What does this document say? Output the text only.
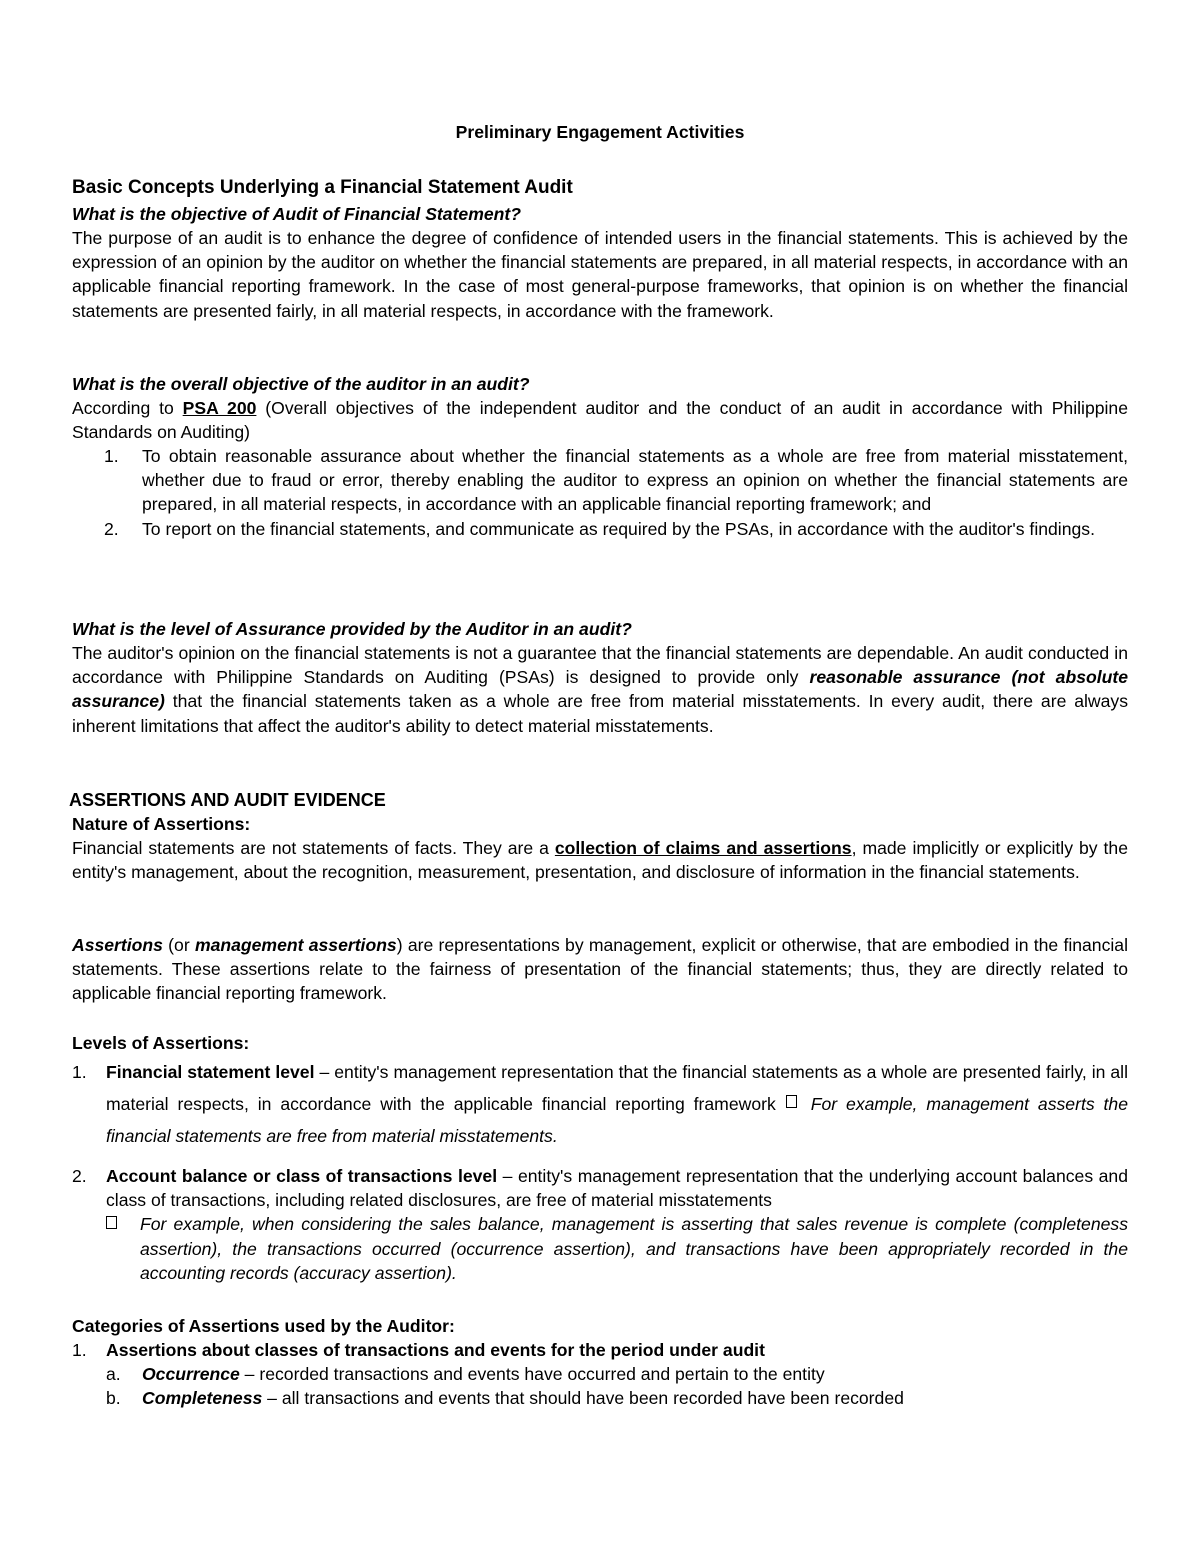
Preliminary Engagement Activities
Basic Concepts Underlying a Financial Statement Audit
What is the objective of Audit of Financial Statement?

The purpose of an audit is to enhance the degree of confidence of intended users in the financial statements. This is achieved by the expression of an opinion by the auditor on whether the financial statements are prepared, in all material respects, in accordance with an applicable financial reporting framework. In the case of most general-purpose frameworks, that opinion is on whether the financial statements are presented fairly, in all material respects, in accordance with the framework.

What is the overall objective of the auditor in an audit?

According to PSA 200 (Overall objectives of the independent auditor and the conduct of an audit in accordance with Philippine Standards on Auditing)

1. To obtain reasonable assurance about whether the financial statements as a whole are free from material misstatement, whether due to fraud or error, thereby enabling the auditor to express an opinion on whether the financial statements are prepared, in all material respects, in accordance with an applicable financial reporting framework; and
2. To report on the financial statements, and communicate as required by the PSAs, in accordance with the auditor's findings.
What is the level of Assurance provided by the Auditor in an audit?

The auditor's opinion on the financial statements is not a guarantee that the financial statements are dependable. An audit conducted in accordance with Philippine Standards on Auditing (PSAs) is designed to provide only reasonable assurance (not absolute assurance) that the financial statements taken as a whole are free from material misstatements. In every audit, there are always inherent limitations that affect the auditor's ability to detect material misstatements.

ASSERTIONS AND AUDIT EVIDENCE
Nature of Assertions:

Financial statements are not statements of facts. They are a collection of claims and assertions, made implicitly or explicitly by the entity's management, about the recognition, measurement, presentation, and disclosure of information in the financial statements.

Assertions (or management assertions) are representations by management, explicit or otherwise, that are embodied in the financial statements. These assertions relate to the fairness of presentation of the financial statements; thus, they are directly related to applicable financial reporting framework.

Levels of Assertions:
1. Financial statement level – entity's management representation that the financial statements as a whole are presented fairly, in all material respects, in accordance with the applicable financial reporting framework For example, management asserts the financial statements are free from material misstatements.
2. Account balance or class of transactions level – entity's management representation that the underlying account balances and class of transactions, including related disclosures, are free of material misstatements
For example, when considering the sales balance, management is asserting that sales revenue is complete (completeness assertion), the transactions occurred (occurrence assertion), and transactions have been appropriately recorded in the accounting records (accuracy assertion).
Categories of Assertions used by the Auditor:
1. Assertions about classes of transactions and events for the period under audit
a. Occurrence – recorded transactions and events have occurred and pertain to the entity
b. Completeness – all transactions and events that should have been recorded have been recorded
